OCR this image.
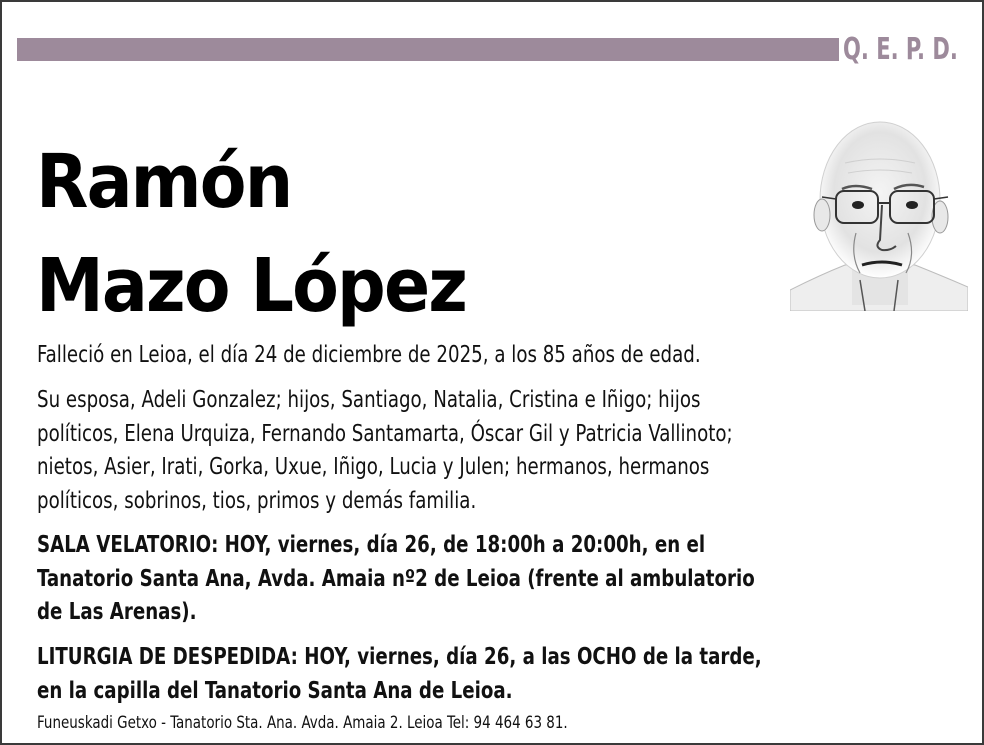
Q. E. P. D.
Ramón
Mazo López
Falleció en Leioa, el día 24 de diciembre de 2025, a los 85 años de edad.
Su esposa, Adeli Gonzalez; hijos, Santiago, Natalia, Cristina e Iñigo; hijos
políticos, Elena Urquiza, Fernando Santamarta, Óscar Gil y Patricia Vallinoto;
nietos, Asier, Irati, Gorka, Uxue, Iñigo, Lucia y Julen; hermanos, hermanos
políticos, sobrinos, tios, primos y demás familia.
SALA VELATORIO: HOY, viernes, día 26, de 18:00h a 20:00h, en el
Tanatorio Santa Ana, Avda. Amaia nº2 de Leioa (frente al ambulatorio
de Las Arenas).
LITURGIA DE DESPEDIDA: HOY, viernes, día 26, a las OCHO de la tarde,
en la capilla del Tanatorio Santa Ana de Leioa.
Funeuskadi Getxo - Tanatorio Sta. Ana. Avda. Amaia 2. Leioa Tel: 94 464 63 81.
